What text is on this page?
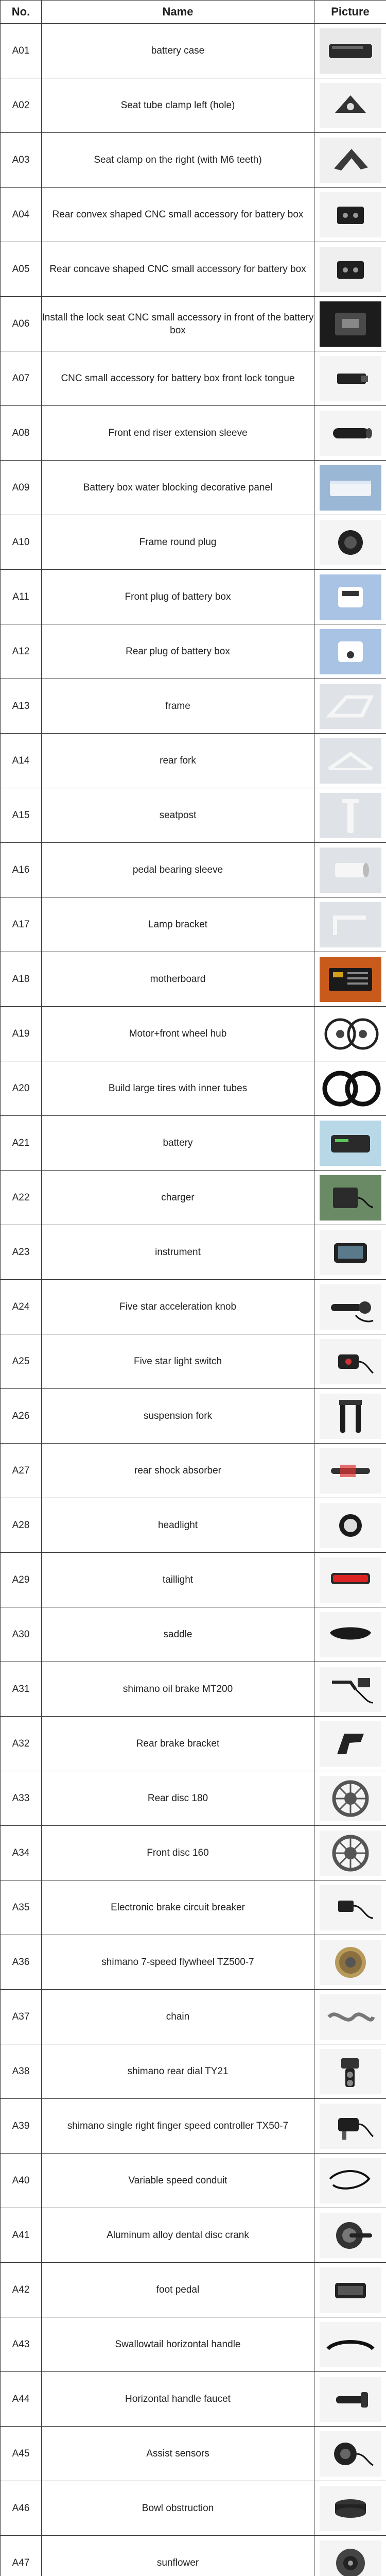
No.	Name	Picture
A01	battery case	

A02	Seat tube clamp left (hole)	

A03	Seat clamp on the right (with M6 teeth)	

A04	Rear convex shaped CNC small accessory for battery box	

A05	Rear concave shaped CNC small accessory for battery box	

A06	Install the lock seat CNC small accessory in front of the battery box	

A07	CNC small accessory for battery box front lock tongue	

A08	Front end riser extension sleeve	

A09	Battery box water blocking decorative panel	

A10	Frame round plug	

A11	Front plug of battery box	

A12	Rear plug of battery box	

A13	frame	

A14	rear fork	

A15	seatpost	

A16	pedal bearing sleeve	

A17	Lamp bracket	

A18	motherboard	

A19	Motor+front wheel hub	

A20	Build large tires with inner tubes	

A21	battery	

A22	charger	

A23	instrument	

A24	Five star acceleration knob	

A25	Five star light switch	

A26	suspension fork	

A27	rear shock absorber	

A28	headlight	

A29	taillight	

A30	saddle	

A31	shimano oil brake MT200	

A32	Rear brake bracket	

A33	Rear disc 180	

A34	Front disc 160	

A35	Electronic brake circuit breaker	

A36	shimano 7-speed flywheel TZ500-7	

A37	chain	

A38	shimano rear dial TY21	

A39	shimano single right finger speed controller TX50-7	

A40	Variable speed conduit	

A41	Aluminum alloy dental disc crank	

A42	foot pedal	

A43	Swallowtail horizontal handle	

A44	Horizontal handle faucet	

A45	Assist sensors	

A46	Bowl obstruction	

A47	sunflower	
